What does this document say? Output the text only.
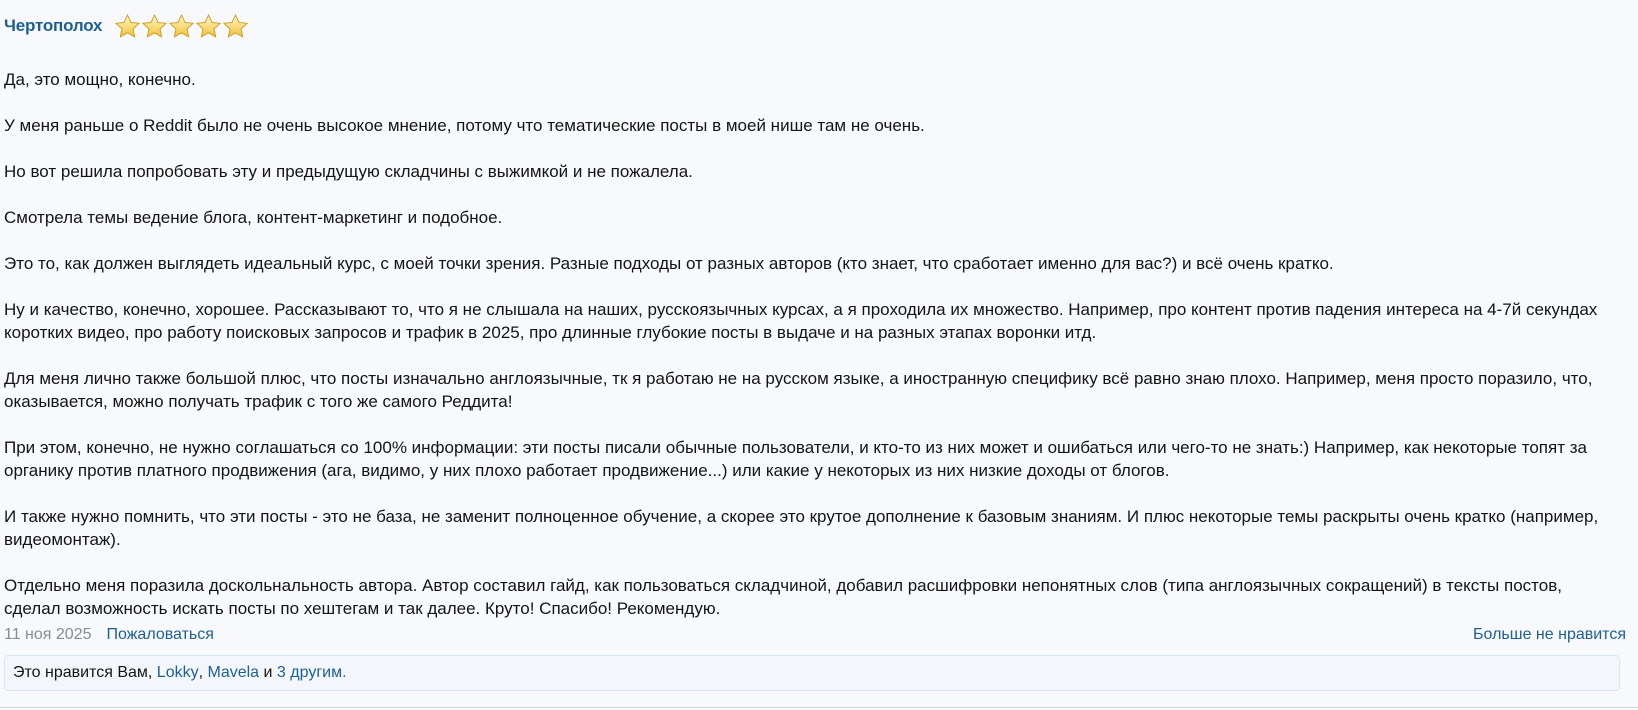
Чертополох

Да, это мощно, конечно.

У меня раньше о Reddit было не очень высокое мнение, потому что тематические посты в моей нише там не очень.

Но вот решила попробовать эту и предыдущую складчины с выжимкой и не пожалела.

Смотрела темы ведение блога, контент-маркетинг и подобное.

Это то, как должен выглядеть идеальный курс, с моей точки зрения. Разные подходы от разных авторов (кто знает, что сработает именно для вас?) и всё очень кратко.

Ну и качество, конечно, хорошее. Рассказывают то, что я не слышала на наших, русскоязычных курсах, а я проходила их множество. Например, про контент против падения интереса на 4-7й секундах коротких видео, про работу поисковых запросов и трафик в 2025, про длинные глубокие посты в выдаче и на разных этапах воронки итд.

Для меня лично также большой плюс, что посты изначально англоязычные, тк я работаю не на русском языке, а иностранную специфику всё равно знаю плохо. Например, меня просто поразило, что, оказывается, можно получать трафик с того же самого Реддита!

При этом, конечно, не нужно соглашаться со 100% информации: эти посты писали обычные пользователи, и кто-то из них может и ошибаться или чего-то не знать:) Например, как некоторые топят за органику против платного продвижения (ага, видимо, у них плохо работает продвижение...) или какие у некоторых из них низкие доходы от блогов.

И также нужно помнить, что эти посты - это не база, не заменит полноценное обучение, а скорее это крутое дополнение к базовым знаниям. И плюс некоторые темы раскрыты очень кратко (например, видеомонтаж).

Отдельно меня поразила доскольнальность автора. Автор составил гайд, как пользоваться складчиной, добавил расшифровки непонятных слов (типа англоязычных сокращений) в тексты постов, сделал возможность искать посты по хештегам и так далее. Круто! Спасибо! Рекомендую.

11 ноя 2025 Пожаловаться	Больше не нравится
Это нравится Вам,
Lokky ,
Mavela
и
3 другим.
